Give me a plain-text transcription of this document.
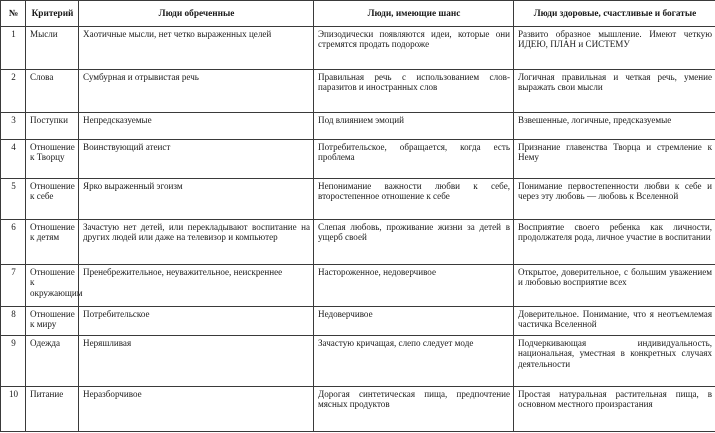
№	Критерий	Люди обреченные	Люди, имеющие шанс	Люди здоровые, счастливые и богатые
1	Мысли	Хаотичные мысли, нет четко выраженных целей	Эпизодически появляются идеи, которые они стремятся продать подороже	Развито образное мышление. Имеют четкую ИДЕЮ, ПЛАН и СИСТЕМУ
2	Слова	Сумбурная и отрывистая речь	Правильная речь с использованием слов-паразитов и иностранных слов	Логичная правильная и четкая речь, умение выражать свои мысли
3	Поступки	Непредсказуемые	Под влиянием эмоций	Взвешенные, логичные, предсказуемые
4	Отношение к Творцу	Воинствующий атеист	Потребительское, обращается, когда есть проблема	Признание главенства Творца и стремление к Нему
5	Отношение к себе	Ярко выраженный эгоизм	Непонимание важности любви к себе, второстепенное отношение к себе	Понимание первостепенности любви к себе и через эту любовь — любовь к Вселенной
6	Отношение к детям	Зачастую нет детей, или перекладывают воспитание на других людей или даже на телевизор и компьютер	Слепая любовь, проживание жизни за детей в ущерб своей	Восприятие своего ребенка как личности, продолжателя рода, личное участие в воспитании
7	Отношение к окружающим	Пренебрежительное, неуважительное, неискреннее	Настороженное, недоверчивое	Открытое, доверительное, с большим уважением и любовью восприятие всех
8	Отношение к миру	Потребительское	Недоверчивое	Доверительное. Понимание, что я неотъемлемая частичка Вселенной
9	Одежда	Неряшливая	Зачастую кричащая, слепо следует моде	Подчеркивающая индивидуальность, национальная, уместная в конкретных случаях деятельности
10	Питание	Неразборчивое	Дорогая синтетическая пища, предпочтение мясных продуктов	Простая натуральная растительная пища, в основном местного произрастания
